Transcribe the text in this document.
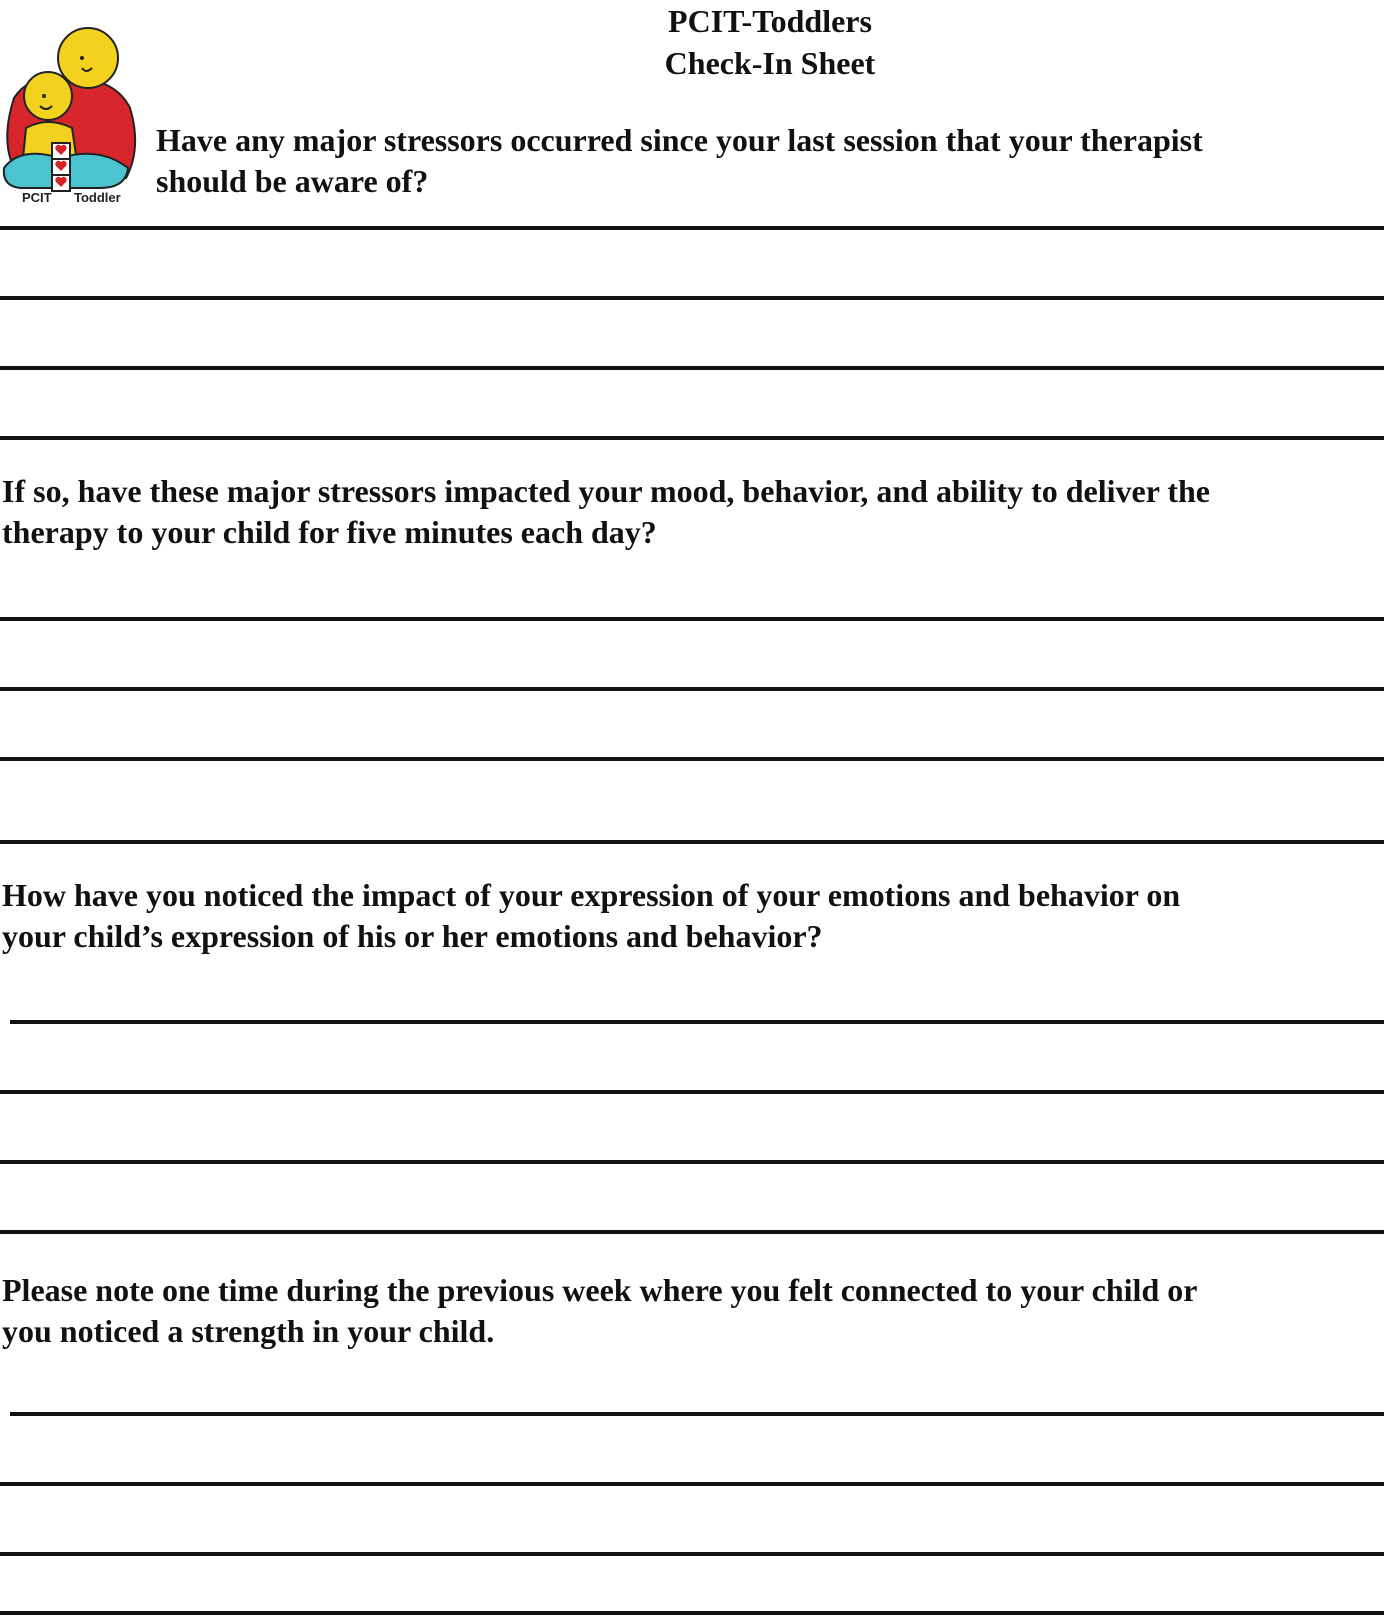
PCIT-Toddlers
Check-In Sheet
PCIT Toddler
Have any major stressors occurred since your last session that your therapist
should be aware of?
If so, have these major stressors impacted your mood, behavior, and ability to deliver the
therapy to your child for five minutes each day?
How have you noticed the impact of your expression of your emotions and behavior on
your child’s expression of his or her emotions and behavior?
Please note one time during the previous week where you felt connected to your child or
you noticed a strength in your child.
